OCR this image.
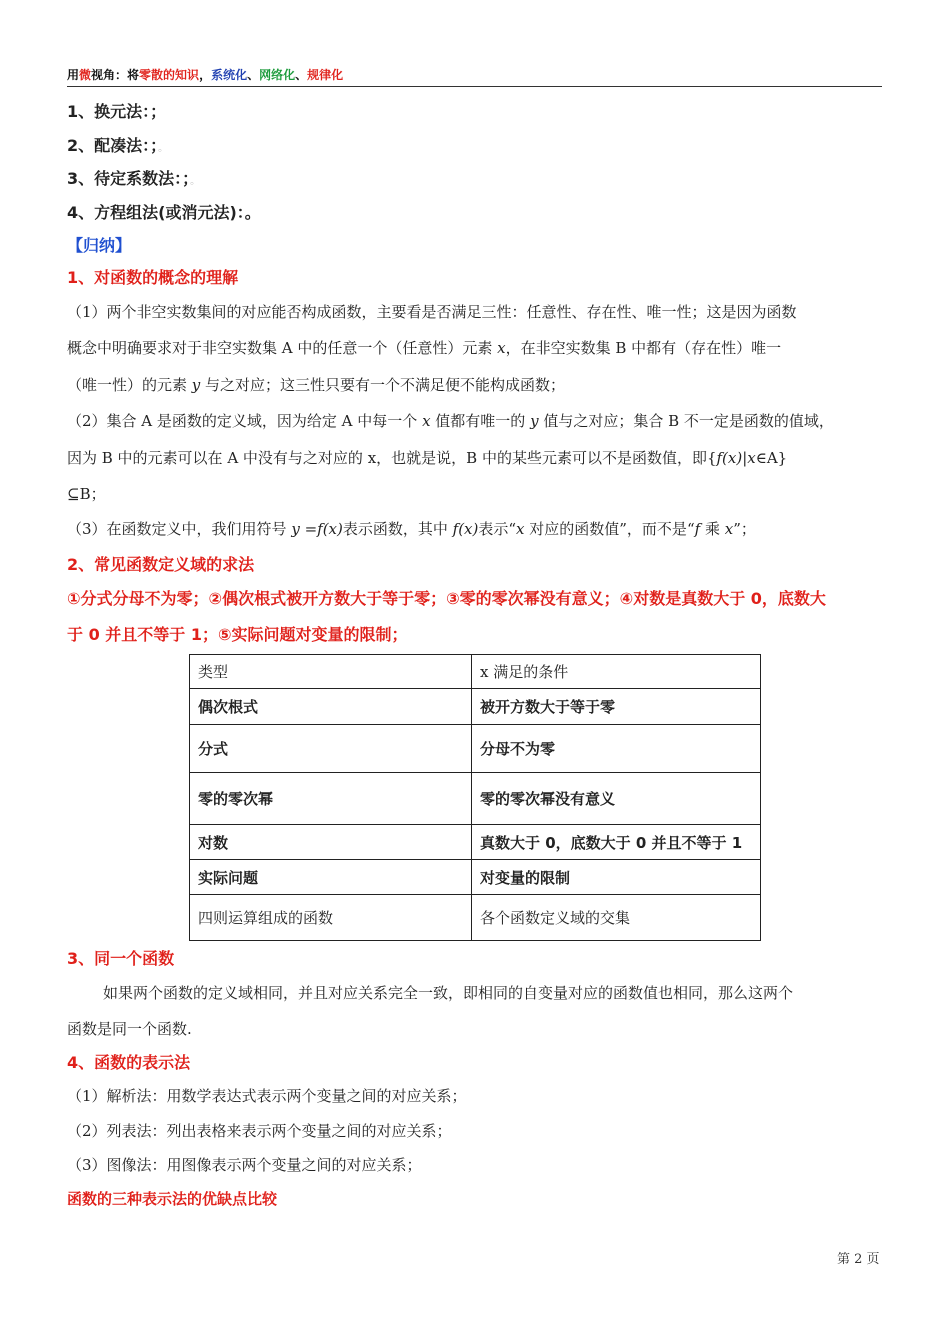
用微视角：将零散的知识，系统化、网络化、规律化
1、换元法：；
2、配凑法：；。
3、待定系数法：；。
4、方程组法(或消元法)：。
【归纳】
1、对函数的概念的理解
（1）两个非空实数集间的对应能否构成函数，主要看是否满足三性：任意性、存在性、唯一性；这是因为函数
概念中明确要求对于非空实数集 A 中的任意一个（任意性）元素 x，在非空实数集 B 中都有（存在性）唯一
（唯一性）的元素 y 与之对应；这三性只要有一个不满足便不能构成函数；
（2）集合 A 是函数的定义域，因为给定 A 中每一个 x 值都有唯一的 y 值与之对应；集合 B 不一定是函数的值域，
因为 B 中的元素可以在 A 中没有与之对应的 x，也就是说，B 中的某些元素可以不是函数值，即{f(x)|x∈A}
⊆B；
（3）在函数定义中，我们用符号 y =f(x)表示函数，其中 f(x)表示“x 对应的函数值”，而不是“f 乘 x”；
2、常见函数定义域的求法
①分式分母不为零；②偶次根式被开方数大于等于零；③零的零次幂没有意义；④对数是真数大于 0，底数大
于 0 并且不等于 1；⑤实际问题对变量的限制；
类型	x 满足的条件
偶次根式	被开方数大于等于零
分式	分母不为零
零的零次幂	零的零次幂没有意义
对数	真数大于 0，底数大于 0 并且不等于 1
实际问题	对变量的限制
四则运算组成的函数	各个函数定义域的交集
3、同一个函数
如果两个函数的定义域相同，并且对应关系完全一致，即相同的自变量对应的函数值也相同，那么这两个
函数是同一个函数.
4、函数的表示法
（1）解析法：用数学表达式表示两个变量之间的对应关系；
（2）列表法：列出表格来表示两个变量之间的对应关系；
（3）图像法：用图像表示两个变量之间的对应关系；
函数的三种表示法的优缺点比较
第 2 页
